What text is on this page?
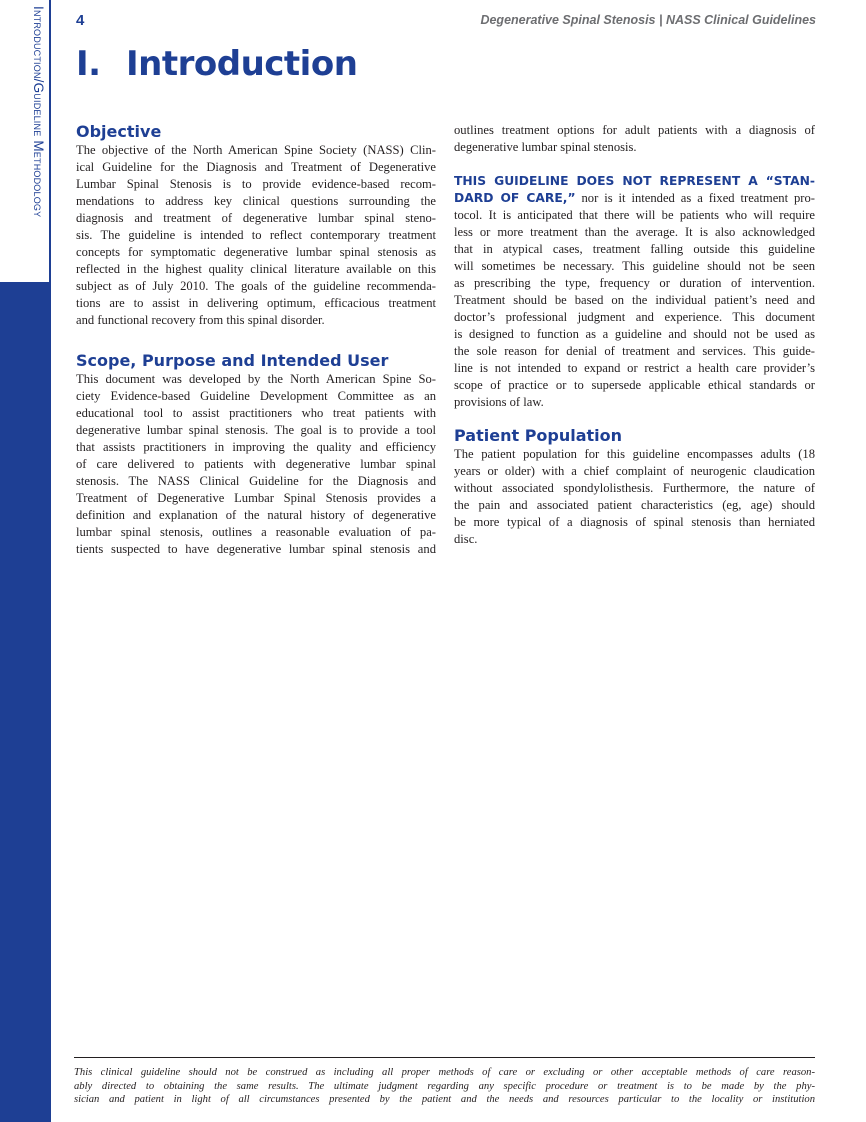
Introduction/Guideline Methodology 4	Degenerative Spinal Stenosis | NASS Clinical Guidelines
I. Introduction
Objective
The objective of the North American Spine Society (NASS) Clin-
ical Guideline for the Diagnosis and Treatment of Degenerative
Lumbar Spinal Stenosis is to provide evidence-based recom-
mendations to address key clinical questions surrounding the
diagnosis and treatment of degenerative lumbar spinal steno-
sis. The guideline is intended to reflect contemporary treatment
concepts for symptomatic degenerative lumbar spinal stenosis as
reflected in the highest quality clinical literature available on this
subject as of July 2010. The goals of the guideline recommenda-
tions are to assist in delivering optimum, efficacious treatment
and functional recovery from this spinal disorder.
Scope, Purpose and Intended User
This document was developed by the North American Spine So-
ciety Evidence-based Guideline Development Committee as an
educational tool to assist practitioners who treat patients with
degenerative lumbar spinal stenosis. The goal is to provide a tool
that assists practitioners in improving the quality and efficiency
of care delivered to patients with degenerative lumbar spinal
stenosis. The NASS Clinical Guideline for the Diagnosis and
Treatment of Degenerative Lumbar Spinal Stenosis provides a
definition and explanation of the natural history of degenerative
lumbar spinal stenosis, outlines a reasonable evaluation of pa-
tients suspected to have degenerative lumbar spinal stenosis and
outlines treatment options for adult patients with a diagnosis of
degenerative lumbar spinal stenosis.
THIS GUIDELINE DOES NOT REPRESENT A “STAN-
DARD OF CARE,” nor is it intended as a fixed treatment pro-
tocol. It is anticipated that there will be patients who will require
less or more treatment than the average. It is also acknowledged
that in atypical cases, treatment falling outside this guideline
will sometimes be necessary. This guideline should not be seen
as prescribing the type, frequency or duration of intervention.
Treatment should be based on the individual patient’s need and
doctor’s professional judgment and experience. This document
is designed to function as a guideline and should not be used as
the sole reason for denial of treatment and services. This guide-
line is not intended to expand or restrict a health care provider’s
scope of practice or to supersede applicable ethical standards or
provisions of law.
Patient Population
The patient population for this guideline encompasses adults (18
years or older) with a chief complaint of neurogenic claudication
without associated spondylolisthesis. Furthermore, the nature of
the pain and associated patient characteristics (eg, age) should
be more typical of a diagnosis of spinal stenosis than herniated
disc.
This clinical guideline should not be construed as including all proper methods of care or excluding or other acceptable methods of care reason-
ably directed to obtaining the same results. The ultimate judgment regarding any specific procedure or treatment is to be made by the phy-
sician and patient in light of all circumstances presented by the patient and the needs and resources particular to the locality or institution
